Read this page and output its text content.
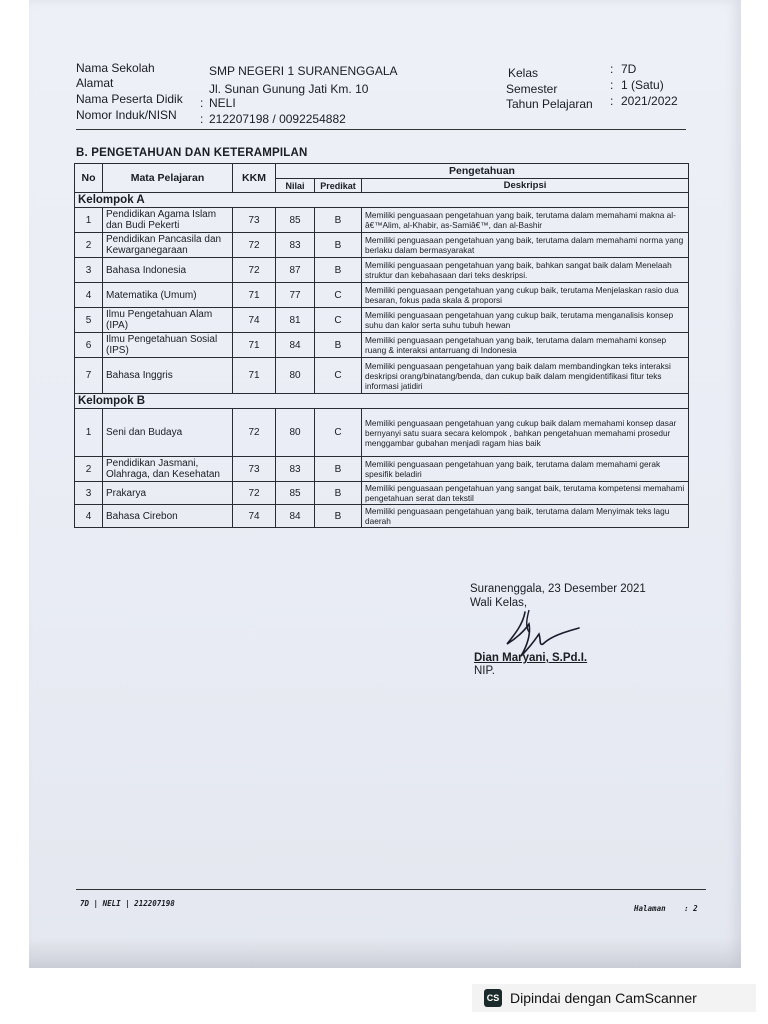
Nama Sekolah	SMP NEGERI 1 SURANENGGALA
Alamat	Jl. Sunan Gunung Jati Km. 10
Nama Peserta Didik : NELI
Nomor Induk/NISN : 212207198 / 0092254882
Kelas	: 7D
Semester	: 1 (Satu)
Tahun Pelajaran : 2021/2022
B. PENGETAHUAN DAN KETERAMPILAN
No	Mata Pelajaran	KKM	Pengetahuan		
			Nilai	Predikat	Deskripsi
Kelompok A					
1	Pendidikan Agama Islam dan Budi Pekerti	73	85	B	Memiliki penguasaan pengetahuan yang baik, terutama dalam memahami makna al-â€™Alim, al-Khabir, as-Samiâ€™, dan al-Bashir
2	Pendidikan Pancasila dan Kewarganegaraan	72	83	B	Memiliki penguasaan pengetahuan yang baik, terutama dalam memahami norma yang berlaku dalam bermasyarakat
3	Bahasa Indonesia	72	87	B	Memiliki penguasaan pengetahuan yang baik, bahkan sangat baik dalam Menelaah struktur dan kebahasaan dari teks deskripsi.
4	Matematika (Umum)	71	77	C	Memiliki penguasaan pengetahuan yang cukup baik, terutama Menjelaskan rasio dua besaran, fokus pada skala & proporsi
5	Ilmu Pengetahuan Alam (IPA)	74	81	C	Memiliki penguasaan pengetahuan yang cukup baik, terutama menganalisis konsep suhu dan kalor serta suhu tubuh hewan
6	Ilmu Pengetahuan Sosial (IPS)	71	84	B	Memiliki penguasaan pengetahuan yang baik, terutama dalam memahami konsep ruang & interaksi antarruang di Indonesia
7	Bahasa Inggris	71	80	C	Memiliki penguasaan pengetahuan yang baik dalam membandingkan teks interaksi deskripsi orang/binatang/benda, dan cukup baik dalam mengidentifikasi fitur teks informasi jatidiri
Kelompok B					
1	Seni dan Budaya	72	80	C	Memiliki penguasaan pengetahuan yang cukup baik dalam memahami konsep dasar bernyanyi satu suara secara kelompok , bahkan pengetahuan memahami prosedur menggambar gubahan menjadi ragam hias baik
2	Pendidikan Jasmani, Olahraga, dan Kesehatan	73	83	B	Memiliki penguasaan pengetahuan yang baik, terutama dalam memahami gerak spesifik beladiri
3	Prakarya	72	85	B	Memiliki penguasaan pengetahuan yang sangat baik, terutama kompetensi memahami pengetahuan serat dan tekstil
4	Bahasa Cirebon	74	84	B	Memiliki penguasaan pengetahuan yang baik, terutama dalam Menyimak teks lagu daerah
Suranenggala, 23 Desember 2021
Wali Kelas,
Dian Maryani, S.Pd.I.
NIP.
7D | NELI | 212207198
Halaman : 2
CS Dipindai dengan CamScanner
